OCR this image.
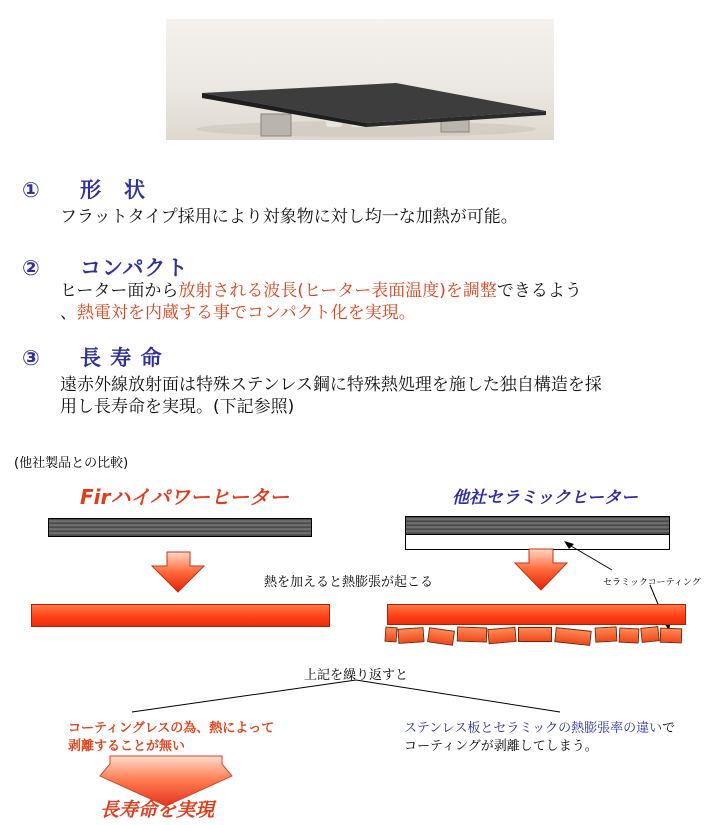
① 形　状
フラットタイプ採用により対象物に対し均一な加熱が可能。
② コンパクト
ヒーター面から放射される波長(ヒーター表面温度)を調整できるよう
、熱電対を内蔵する事でコンパクト化を実現。
③ 長 寿 命
遠赤外線放射面は特殊ステンレス鋼に特殊熱処理を施した独自構造を採
用し長寿命を実現。(下記参照)
(他社製品との比較)
Firハイパワーヒーター	他社セラミックヒーター
熱を加えると熱膨張が起こる	セラミックコーティング
上記を繰り返すと
コーティングレスの為、熱によって
剥離することが無い
ステンレス板とセラミックの熱膨張率の違いで
コーティングが剥離してしまう。
長寿命を実現
